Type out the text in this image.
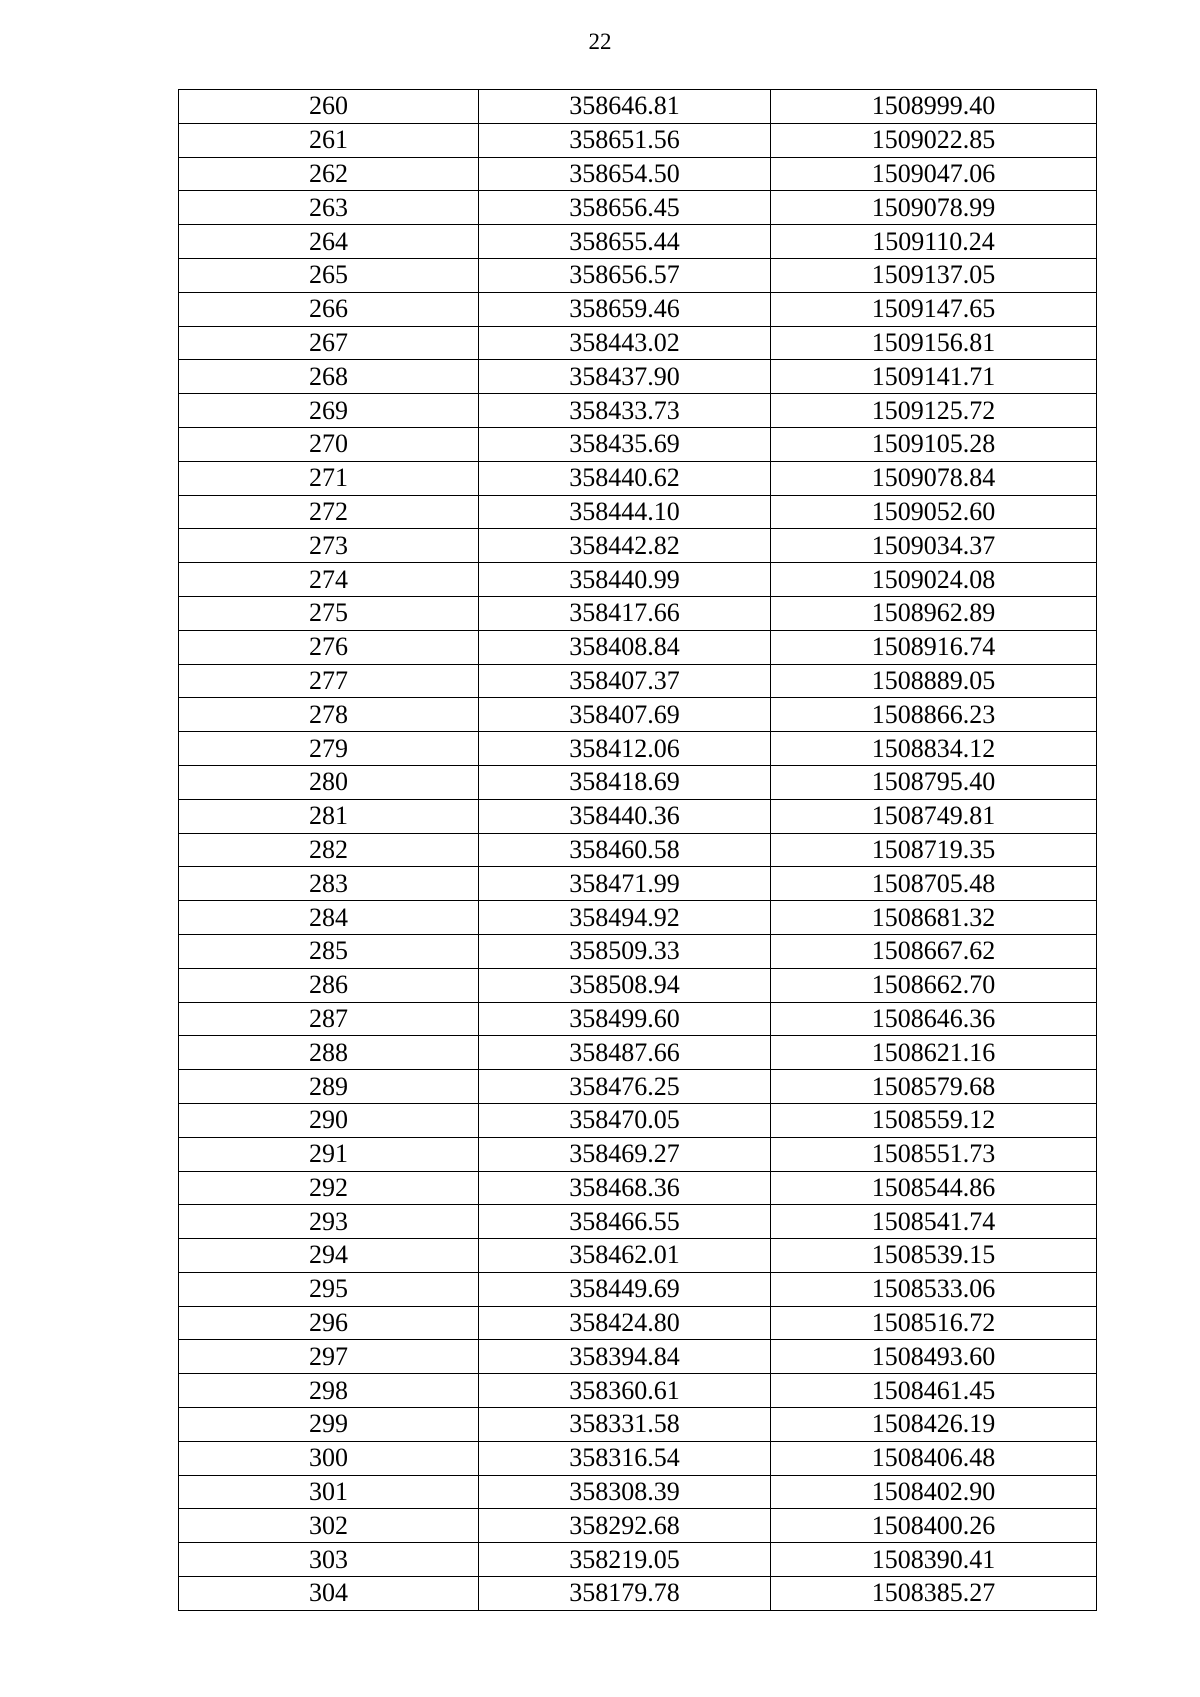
22
260	358646.81	1508999.40
261	358651.56	1509022.85
262	358654.50	1509047.06
263	358656.45	1509078.99
264	358655.44	1509110.24
265	358656.57	1509137.05
266	358659.46	1509147.65
267	358443.02	1509156.81
268	358437.90	1509141.71
269	358433.73	1509125.72
270	358435.69	1509105.28
271	358440.62	1509078.84
272	358444.10	1509052.60
273	358442.82	1509034.37
274	358440.99	1509024.08
275	358417.66	1508962.89
276	358408.84	1508916.74
277	358407.37	1508889.05
278	358407.69	1508866.23
279	358412.06	1508834.12
280	358418.69	1508795.40
281	358440.36	1508749.81
282	358460.58	1508719.35
283	358471.99	1508705.48
284	358494.92	1508681.32
285	358509.33	1508667.62
286	358508.94	1508662.70
287	358499.60	1508646.36
288	358487.66	1508621.16
289	358476.25	1508579.68
290	358470.05	1508559.12
291	358469.27	1508551.73
292	358468.36	1508544.86
293	358466.55	1508541.74
294	358462.01	1508539.15
295	358449.69	1508533.06
296	358424.80	1508516.72
297	358394.84	1508493.60
298	358360.61	1508461.45
299	358331.58	1508426.19
300	358316.54	1508406.48
301	358308.39	1508402.90
302	358292.68	1508400.26
303	358219.05	1508390.41
304	358179.78	1508385.27
